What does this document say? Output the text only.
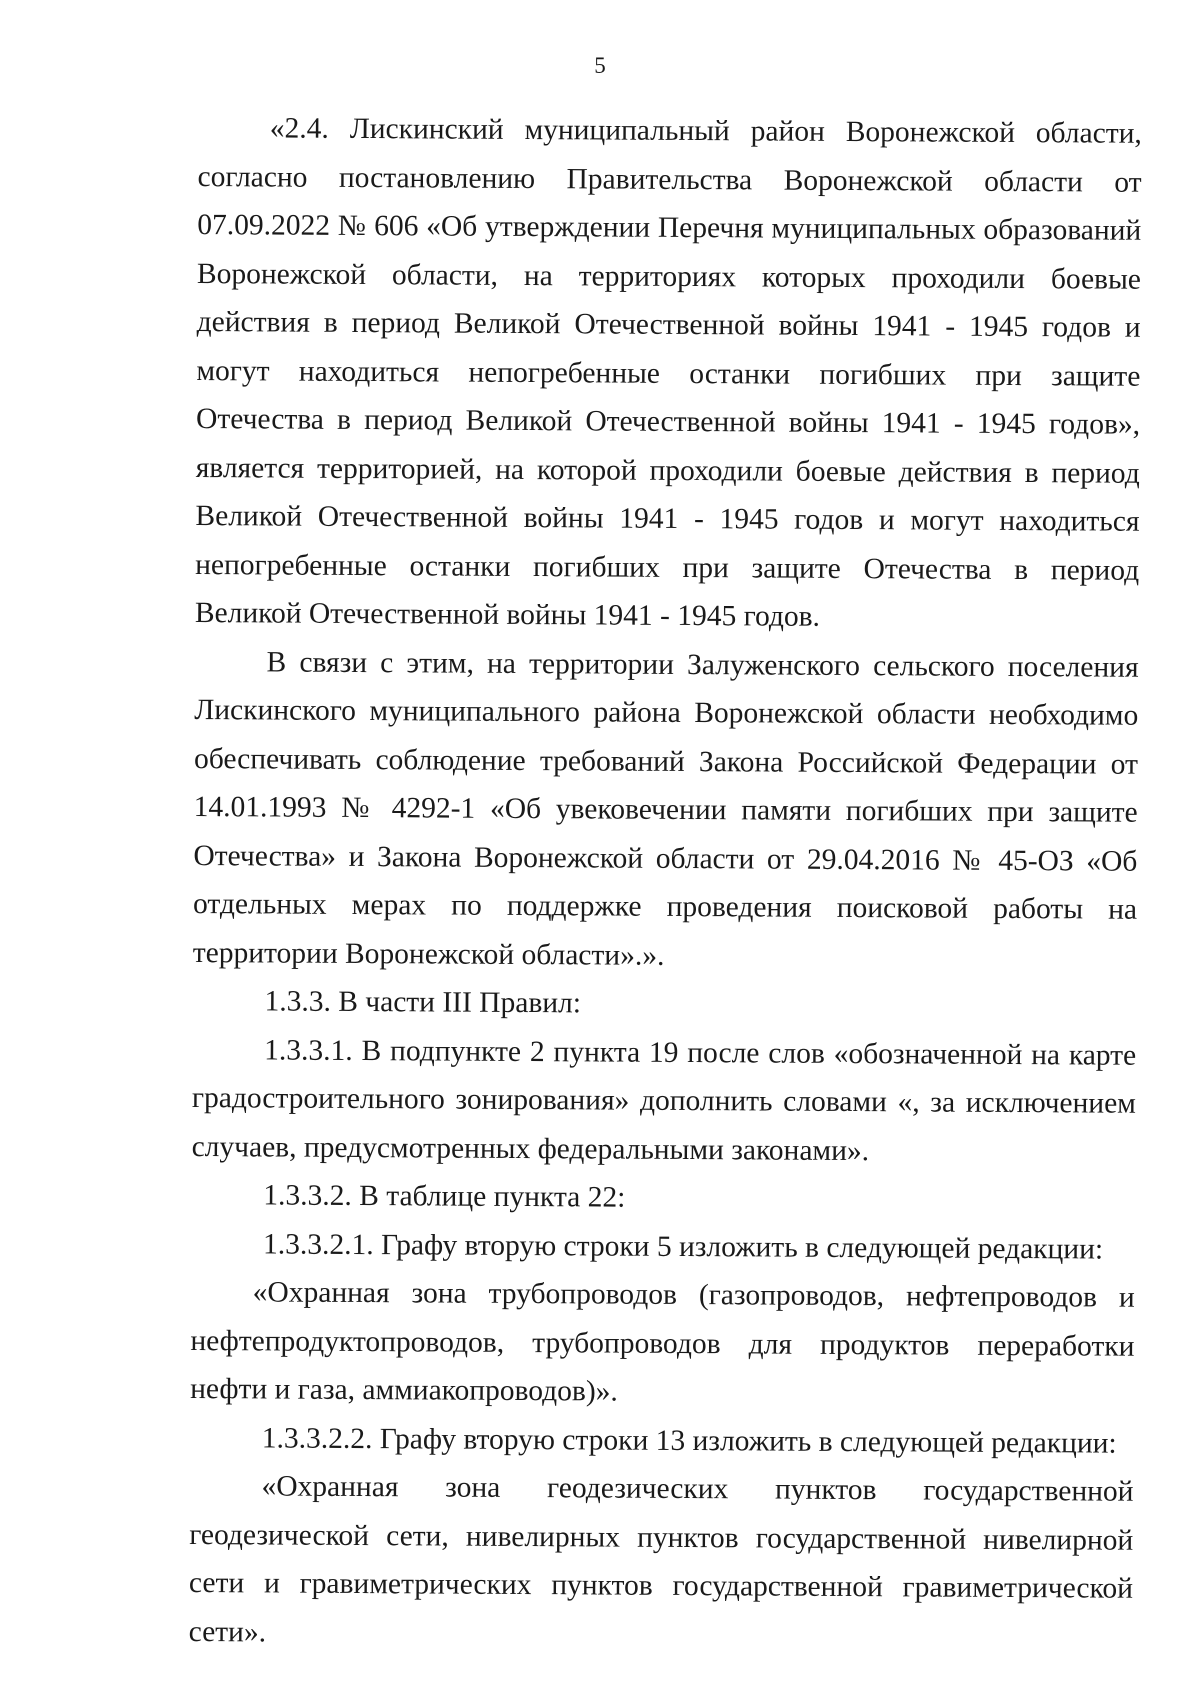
5

«2.4. Лискинский муниципальный район Воронежской области, согласно постановлению Правительства Воронежской области от 07.09.2022 № 606 «Об утверждении Перечня муниципальных образований Воронежской области, на территориях которых проходили боевые действия в период Великой Отечественной войны 1941 - 1945 годов и могут находиться непогребенные останки погибших при защите Отечества в период Великой Отечественной войны 1941 - 1945 годов», является территорией, на которой проходили боевые действия в период Великой Отечественной войны 1941 - 1945 годов и могут находиться непогребенные останки погибших при защите Отечества в период Великой Отечественной войны 1941 - 1945 годов.

В связи с этим, на территории Залуженского сельского поселения Лискинского муниципального района Воронежской области необходимо обеспечивать соблюдение требований Закона Российской Федерации от 14.01.1993 № 4292-1 «Об увековечении памяти погибших при защите Отечества» и Закона Воронежской области от 29.04.2016 № 45-ОЗ «Об отдельных мерах по поддержке проведения поисковой работы на территории Воронежской области».».

1.3.3. В части III Правил:

1.3.3.1. В подпункте 2 пункта 19 после слов «обозначенной на карте градостроительного зонирования» дополнить словами «, за исключением случаев, предусмотренных федеральными законами».

1.3.3.2. В таблице пункта 22:

1.3.3.2.1. Графу вторую строки 5 изложить в следующей редакции:

«Охранная зона трубопроводов (газопроводов, нефтепроводов и нефтепродуктопроводов, трубопроводов для продуктов переработки нефти и газа, аммиакопроводов)».

1.3.3.2.2. Графу вторую строки 13 изложить в следующей редакции:

«Охранная зона геодезических пунктов государственной геодезической сети, нивелирных пунктов государственной нивелирной сети и гравиметрических пунктов государственной гравиметрической сети».
